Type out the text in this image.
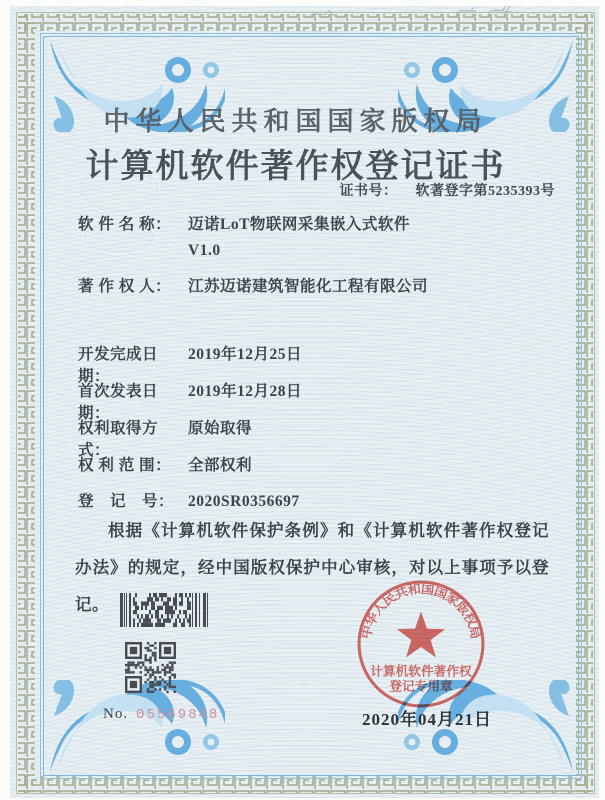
中华人民共和国国家版权局
计算机软件著作权登记证书
证书号： 软著登字第5235393号
软 件 名 称：	迈诺LoT物联网采集嵌入式软件
V1.0
著 作 权 人：	江苏迈诺建筑智能化工程有限公司
开发完成日期：
2019年12月25日
首次发表日期：
2019年12月28日
权利取得方式：
原始取得
权 利 范 围：	全部权利
登　记　号： 2020SR0356697
根据《计算机软件保护条例》和《计算机软件著作权登记办法》的规定，经中国版权保护中心审核，对以上事项予以登记。
No. 05569848
中华人民共和国国家版权局
计算机软件著作权
登记专用章
2020年04月21日
